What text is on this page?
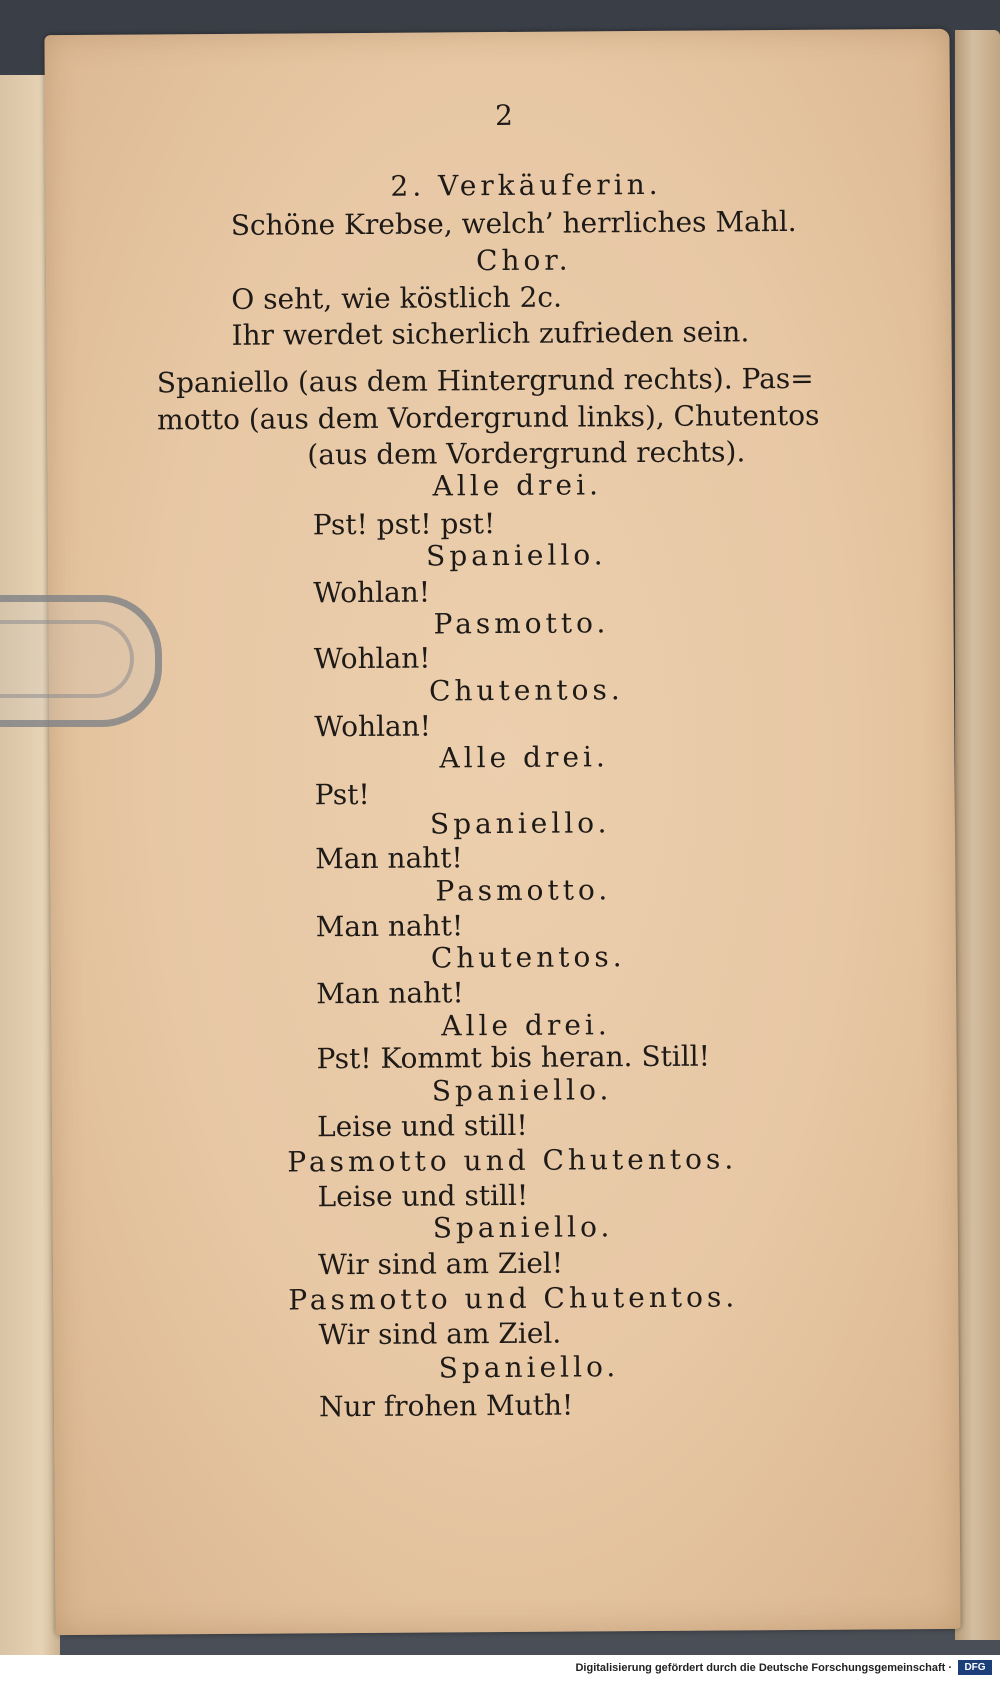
2
2. Verkäuferin.
Schöne Krebse, welch’ herrliches Mahl.
Chor.
O seht, wie köstlich 2c.
Ihr werdet sicherlich zufrieden sein.
Spaniello (aus dem Hintergrund rechts). Pas=
motto (aus dem Vordergrund links), Chutentos
(aus dem Vordergrund rechts).
Alle drei.
Pst! pst! pst!
Spaniello.
Wohlan!
Pasmotto.
Wohlan!
Chutentos.
Wohlan!
Alle drei.
Pst!
Spaniello.
Man naht!
Pasmotto.
Man naht!
Chutentos.
Man naht!
Alle drei.
Pst! Kommt bis heran. Still!
Spaniello.
Leise und still!
Pasmotto und Chutentos.
Leise und still!
Spaniello.
Wir sind am Ziel!
Pasmotto und Chutentos.
Wir sind am Ziel.
Spaniello.
Nur frohen Muth!
Digitalisierung gefördert durch die Deutsche Forschungsgemeinschaft ·	DFG
